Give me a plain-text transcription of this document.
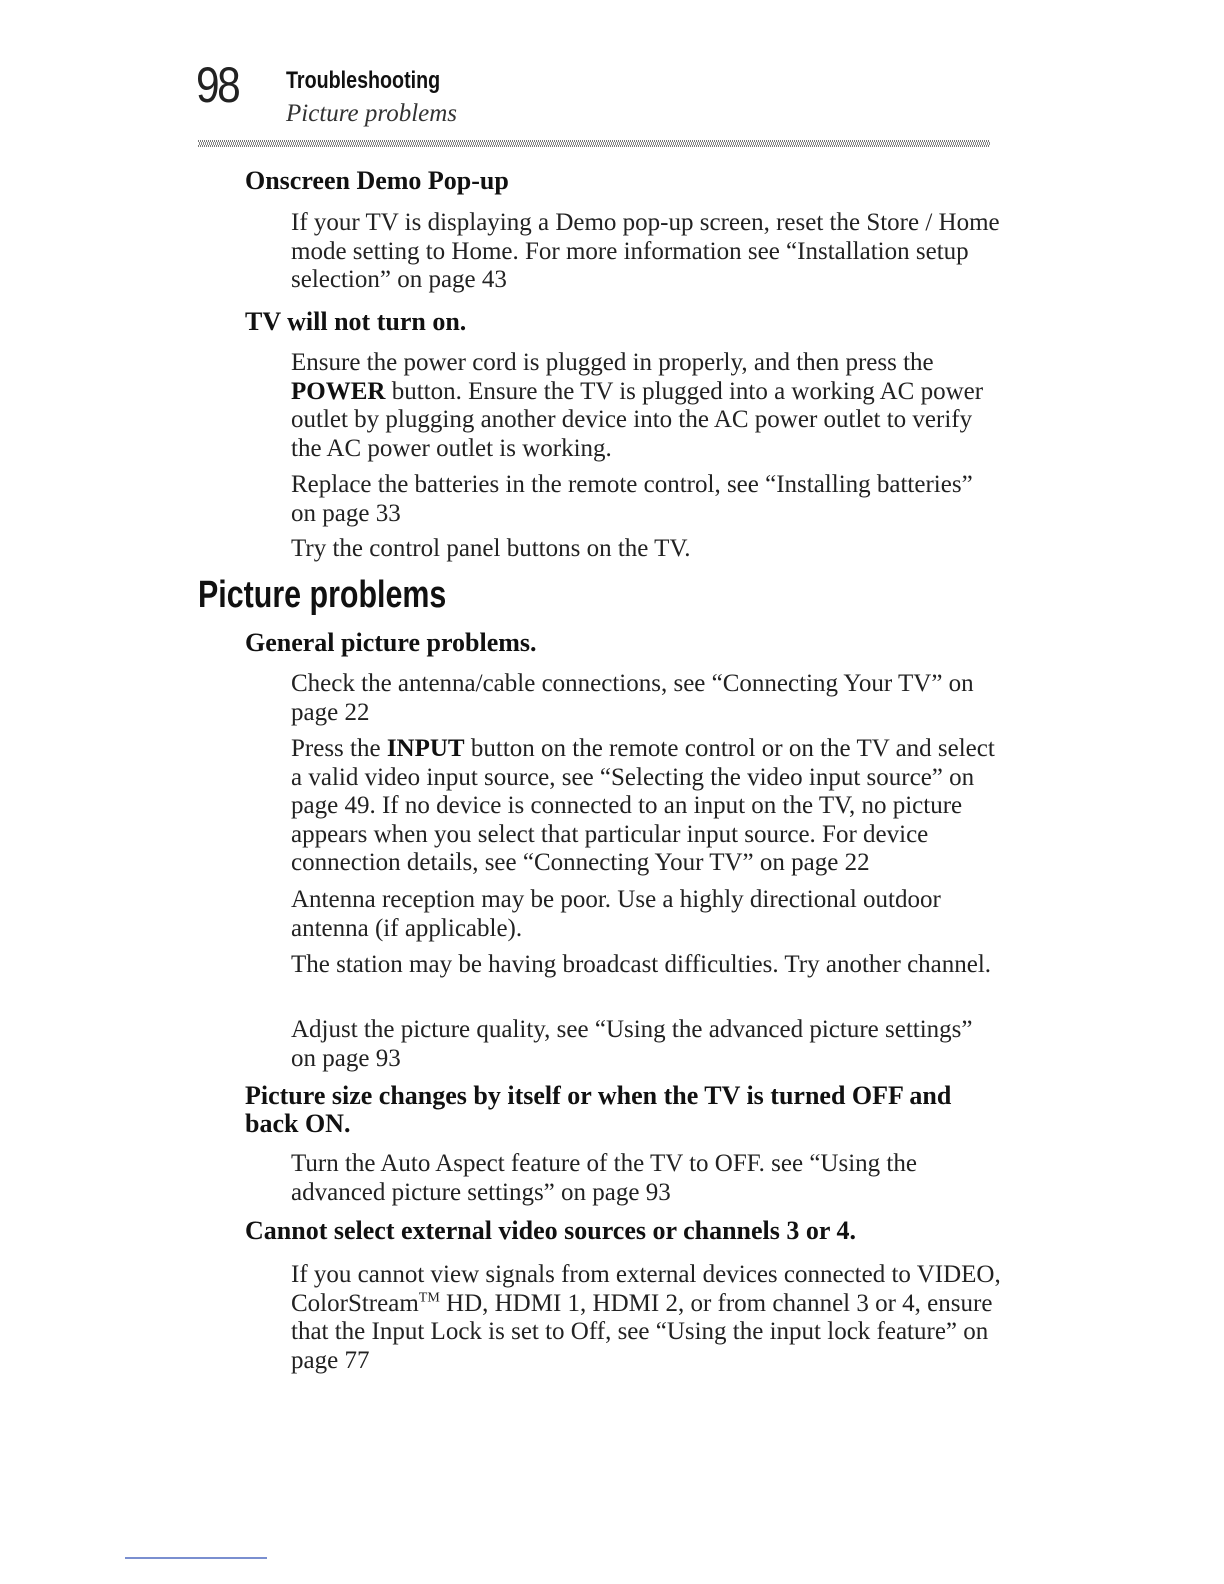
98 Troubleshooting
Picture problems
Onscreen Demo Pop-up

If your TV is displaying a Demo pop-up screen, reset the Store / Home mode setting to Home. For more information see “Installation setup selection” on page 43

TV will not turn on.

Ensure the power cord is plugged in properly, and then press the POWER button. Ensure the TV is plugged into a working AC power outlet by plugging another device into the AC power outlet to verify the AC power outlet is working.

Replace the batteries in the remote control, see “Installing batteries” on page 33

Try the control panel buttons on the TV.

Picture problems
General picture problems.

Check the antenna/cable connections, see “Connecting Your TV” on page 22

Press the INPUT button on the remote control or on the TV and select a valid video input source, see “Selecting the video input source” on page 49. If no device is connected to an input on the TV, no picture appears when you select that particular input source. For device connection details, see “Connecting Your TV” on page 22

Antenna reception may be poor. Use a highly directional outdoor antenna (if applicable).

The station may be having broadcast difficulties. Try another channel.

Adjust the picture quality, see “Using the advanced picture settings” on page 93

Picture size changes by itself or when the TV is turned OFF and back ON.

Turn the Auto Aspect feature of the TV to OFF. see “Using the advanced picture settings” on page 93

Cannot select external video sources or channels 3 or 4.

If you cannot view signals from external devices connected to VIDEO, ColorStream™ HD, HDMI 1, HDMI 2, or from channel 3 or 4, ensure that the Input Lock is set to Off, see “Using the input lock feature” on page 77
